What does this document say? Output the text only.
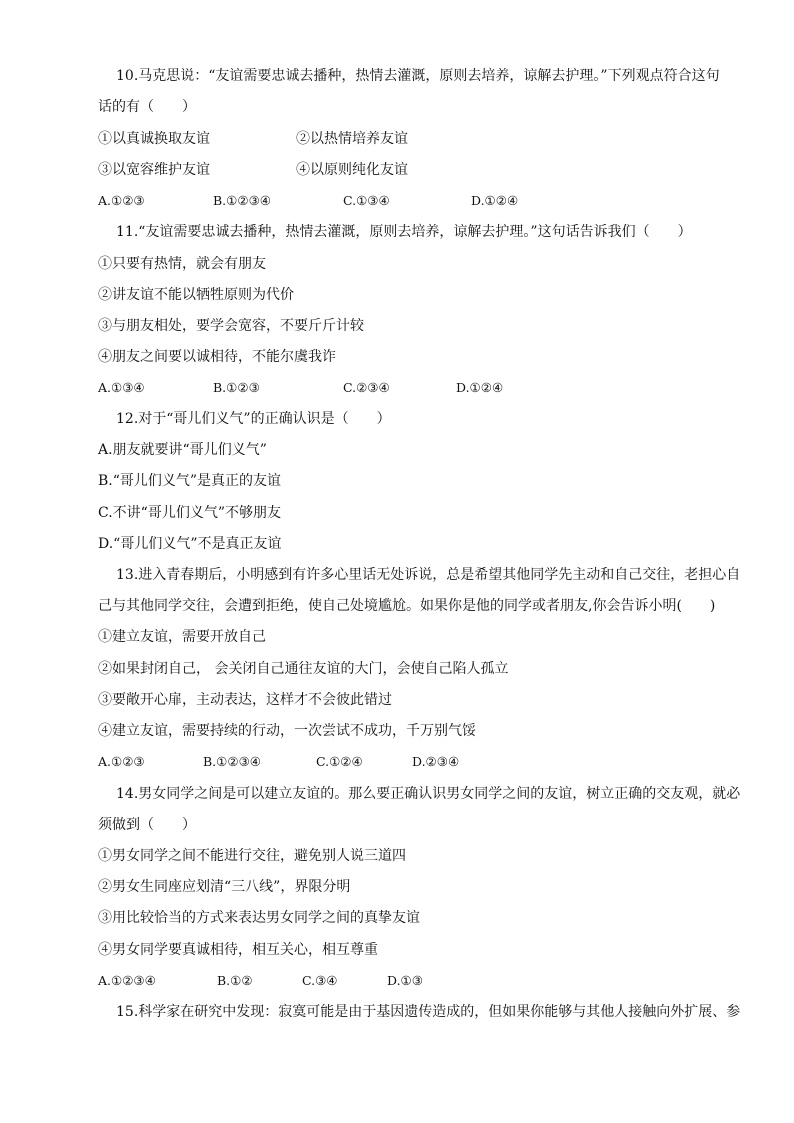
10.马克思说：“友谊需要忠诚去播种，热情去灌溉，原则去培养，谅解去护理。”下列观点符合这句
话的有（　　）
①以真诚换取友谊	②以热情培养友谊
③以宽容维护友谊	④以原则纯化友谊
A.①②③	B.①②③④	C.①③④	D.①②④
11.“友谊需要忠诚去播种，热情去灌溉，原则去培养，谅解去护理。”这句话告诉我们（　　）
①只要有热情，就会有朋友
②讲友谊不能以牺牲原则为代价
③与朋友相处，要学会宽容，不要斤斤计较
④朋友之间要以诚相待，不能尔虞我诈
A.①③④	B.①②③	C.②③④	D.①②④
12.对于“哥儿们义气”的正确认识是（　　）
A.朋友就要讲“哥儿们义气”
B.“哥儿们义气”是真正的友谊
C.不讲“哥儿们义气”不够朋友
D.“哥儿们义气”不是真正友谊
13.进入青春期后，小明感到有许多心里话无处诉说，总是希望其他同学先主动和自己交往，老担心自
己与其他同学交往，会遭到拒绝，使自己处境尴尬。如果你是他的同学或者朋友,你会告诉小明(　　)
①建立友谊，需要开放自己
②如果封闭自己， 会关闭自己通往友谊的大门，会使自己陷人孤立
③要敞开心扉，主动表达，这样才不会彼此错过
④建立友谊，需要持续的行动，一次尝试不成功，千万别气馁
A.①②③	B.①②③④	C.①②④	D.②③④
14.男女同学之间是可以建立友谊的。那么要正确认识男女同学之间的友谊，树立正确的交友观，就必
须做到（　　）
①男女同学之间不能进行交往，避免别人说三道四
②男女生同座应划清“三八线”，界限分明
③用比较恰当的方式来表达男女同学之间的真挚友谊
④男女同学要真诚相待，相互关心，相互尊重
A.①②③④	B.①②	C.③④	D.①③
15.科学家在研究中发现：寂寞可能是由于基因遗传造成的，但如果你能够与其他人接触向外扩展、参
